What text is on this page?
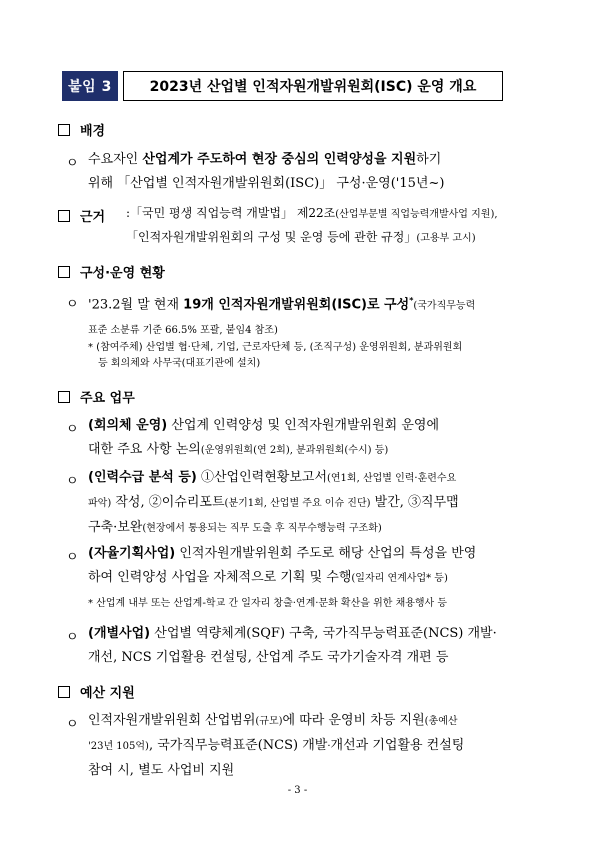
붙임 3	2023년 산업별 인적자원개발위원회(ISC) 운영 개요
배경
ㅇ 수요자인 산업계가 주도하여 현장 중심의 인력양성을 지원하기
위해 「산업별 인적자원개발위원회(ISC)」 구성·운영('15년~)
근거 :「국민 평생 직업능력 개발법」 제22조(산업부문별 직업능력개발사업 지원),
「인적자원개발위원회의 구성 및 운영 등에 관한 규정」(고용부 고시)
구성·운영 현황
ㅇ '23.2월 말 현재 19개 인적자원개발위원회(ISC)로 구성*(국가직무능력
표준 소분류 기준 66.5% 포괄, 붙임4 참조)
* (참여주체) 산업별 협·단체, 기업, 근로자단체 등, (조직구성) 운영위원회, 분과위원회
등 회의체와 사무국(대표기관에 설치)
주요 업무
ㅇ (회의체 운영) 산업계 인력양성 및 인적자원개발위원회 운영에
대한 주요 사항 논의(운영위원회(연 2회), 분과위원회(수시) 등)
ㅇ (인력수급 분석 등) ①산업인력현황보고서(연1회, 산업별 인력·훈련수요
파악) 작성, ②이슈리포트(분기1회, 산업별 주요 이슈 진단) 발간, ③직무맵
구축·보완(현장에서 통용되는 직무 도출 후 직무수행능력 구조화)
ㅇ (자율기획사업) 인적자원개발위원회 주도로 해당 산업의 특성을 반영
하여 인력양성 사업을 자체적으로 기획 및 수행(일자리 연계사업* 등)
* 산업계 내부 또는 산업계-학교 간 일자리 창출·연계·문화 확산을 위한 채용행사 등
ㅇ (개별사업) 산업별 역량체계(SQF) 구축, 국가직무능력표준(NCS) 개발·
개선, NCS 기업활용 컨설팅, 산업계 주도 국가기술자격 개편 등
예산 지원
ㅇ 인적자원개발위원회 산업범위(규모)에 따라 운영비 차등 지원(총예산
'23년 105억), 국가직무능력표준(NCS) 개발·개선과 기업활용 컨설팅
참여 시, 별도 사업비 지원
- 3 -
